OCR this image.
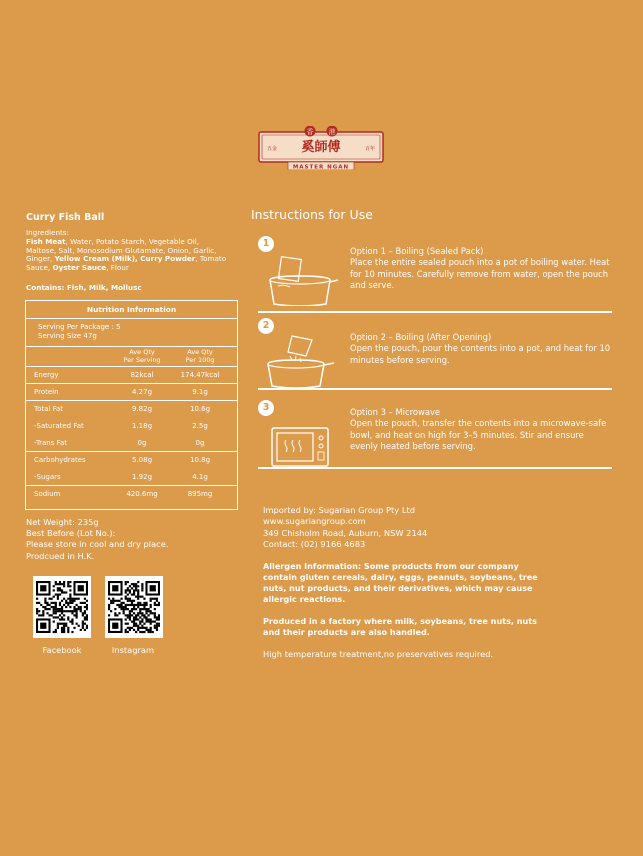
香 港
奚師傅
五金	百年
MASTER NGAN
Curry Fish Ball
Ingredients:
Fish Meat, Water, Potato Starch, Vegetable Oil, Maltose, Salt, Monosodium Glutamate, Onion, Garlic, Ginger, Yellow Cream (Milk), Curry Powder, Tomato Sauce, Oyster Sauce, Flour
Contains: Fish, Milk, Mollusc
Nutrition Information
Serving Per Package : 5
Serving Size 47g
Ave Qty
Per Serving
Ave Qty
Per 100g
Energy	82kcal	174.47kcal
Protein	4.27g	9.1g
Total Fat	9.82g	10.6g
-Saturated Fat	1.18g	2.5g
-Trans Fat	0g	0g
Carbohydrates	5.08g	10.8g
-Sugars	1.92g	4.1g
Sodium	420.6mg	895mg
Net Weight: 235g
Best Before (Lot No.):
Please store in cool and dry place.
Prodcued in H.K.
Facebook	Instagram
Instructions for Use
1
Option 1 – Boiling (Sealed Pack)
Place the entire sealed pouch into a pot of boiling water. Heat for 10 minutes. Carefully remove from water, open the pouch and serve.
2
Option 2 – Boiling (After Opening)
Open the pouch, pour the contents into a pot, and heat for 10 minutes before serving.
3	Option 3 – Microwave
Open the pouch, transfer the contents into a microwave-safe bowl, and heat on high for 3–5 minutes. Stir and ensure evenly heated before serving.
Imported by: Sugarian Group Pty Ltd
www.sugariangroup.com
349 Chisholm Road, Auburn, NSW 2144
Contact: (02) 9166 4683
Allergen Information: Some products from our company contain gluten cereals, dairy, eggs, peanuts, soybeans, tree nuts, nut products, and their derivatives, which may cause allergic reactions.
Produced in a factory where milk, soybeans, tree nuts, nuts and their products are also handled.
High temperature treatment,no preservatives required.
